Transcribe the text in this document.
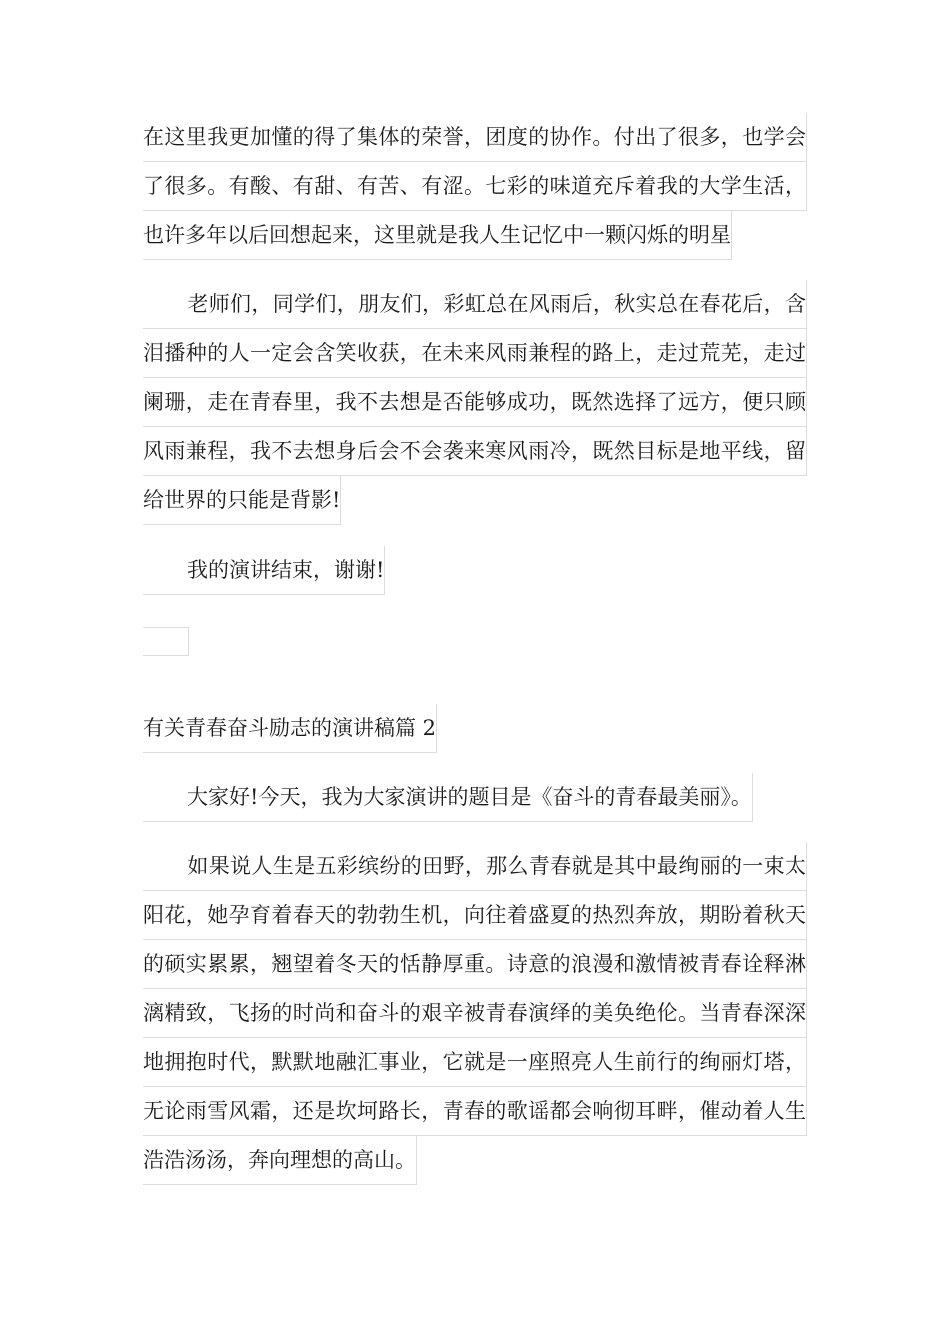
在这里我更加懂的得了集体的荣誉，团度的协作。付出了很多，也学会
了很多。有酸、有甜、有苦、有涩。七彩的味道充斥着我的大学生活，
也许多年以后回想起来，这里就是我人生记忆中一颗闪烁的明星
老师们，同学们，朋友们，彩虹总在风雨后，秋实总在春花后，含
泪播种的人一定会含笑收获，在未来风雨兼程的路上，走过荒芜，走过
阑珊，走在青春里，我不去想是否能够成功，既然选择了远方，便只顾
风雨兼程，我不去想身后会不会袭来寒风雨冷，既然目标是地平线，留
给世界的只能是背影!
我的演讲结束，谢谢!
有关青春奋斗励志的演讲稿篇 2
大家好!今天，我为大家演讲的题目是《奋斗的青春最美丽》。
如果说人生是五彩缤纷的田野，那么青春就是其中最绚丽的一束太
阳花，她孕育着春天的勃勃生机，向往着盛夏的热烈奔放，期盼着秋天
的硕实累累，翘望着冬天的恬静厚重。诗意的浪漫和激情被青春诠释淋
漓精致，飞扬的时尚和奋斗的艰辛被青春演绎的美奂绝伦。当青春深深
地拥抱时代，默默地融汇事业，它就是一座照亮人生前行的绚丽灯塔，
无论雨雪风霜，还是坎坷路长，青春的歌谣都会响彻耳畔，催动着人生
浩浩汤汤，奔向理想的高山。
